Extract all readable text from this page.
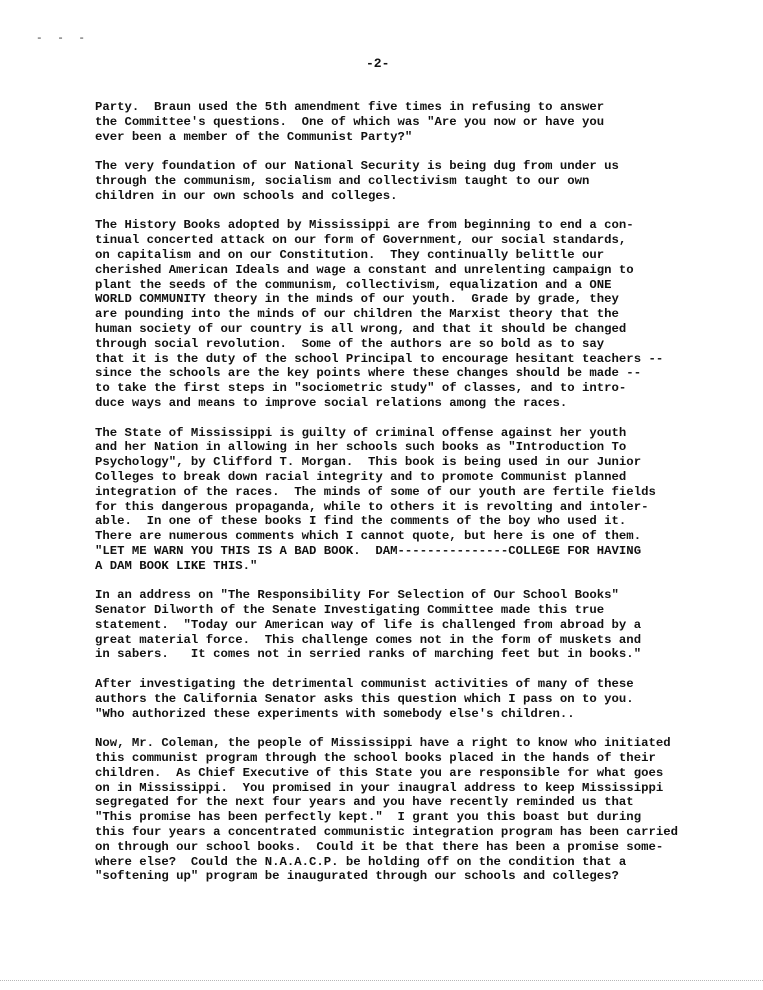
- - -
-2-
Party.  Braun used the 5th amendment five times in refusing to answer
the Committee's questions.  One of which was "Are you now or have you
ever been a member of the Communist Party?"
The very foundation of our National Security is being dug from under us
through the communism, socialism and collectivism taught to our own
children in our own schools and colleges.
The History Books adopted by Mississippi are from beginning to end a con-
tinual concerted attack on our form of Government, our social standards,
on capitalism and on our Constitution.  They continually belittle our
cherished American Ideals and wage a constant and unrelenting campaign to
plant the seeds of the communism, collectivism, equalization and a ONE
WORLD COMMUNITY theory in the minds of our youth.  Grade by grade, they
are pounding into the minds of our children the Marxist theory that the
human society of our country is all wrong, and that it should be changed
through social revolution.  Some of the authors are so bold as to say
that it is the duty of the school Principal to encourage hesitant teachers --
since the schools are the key points where these changes should be made --
to take the first steps in "sociometric study" of classes, and to intro-
duce ways and means to improve social relations among the races.
The State of Mississippi is guilty of criminal offense against her youth
and her Nation in allowing in her schools such books as "Introduction To
Psychology", by Clifford T. Morgan.  This book is being used in our Junior
Colleges to break down racial integrity and to promote Communist planned
integration of the races.  The minds of some of our youth are fertile fields
for this dangerous propaganda, while to others it is revolting and intoler-
able.  In one of these books I find the comments of the boy who used it.
There are numerous comments which I cannot quote, but here is one of them.
"LET ME WARN YOU THIS IS A BAD BOOK.  DAM---------------COLLEGE FOR HAVING
A DAM BOOK LIKE THIS."
In an address on "The Responsibility For Selection of Our School Books"
Senator Dilworth of the Senate Investigating Committee made this true
statement.  "Today our American way of life is challenged from abroad by a
great material force.  This challenge comes not in the form of muskets and
in sabers.   It comes not in serried ranks of marching feet but in books."
After investigating the detrimental communist activities of many of these
authors the California Senator asks this question which I pass on to you.
"Who authorized these experiments with somebody else's children..
Now, Mr. Coleman, the people of Mississippi have a right to know who initiated
this communist program through the school books placed in the hands of their
children.  As Chief Executive of this State you are responsible for what goes
on in Mississippi.  You promised in your inaugral address to keep Mississippi
segregated for the next four years and you have recently reminded us that
"This promise has been perfectly kept."  I grant you this boast but during
this four years a concentrated communistic integration program has been carried
on through our school books.  Could it be that there has been a promise some-
where else?  Could the N.A.A.C.P. be holding off on the condition that a
"softening up" program be inaugurated through our schools and colleges?
